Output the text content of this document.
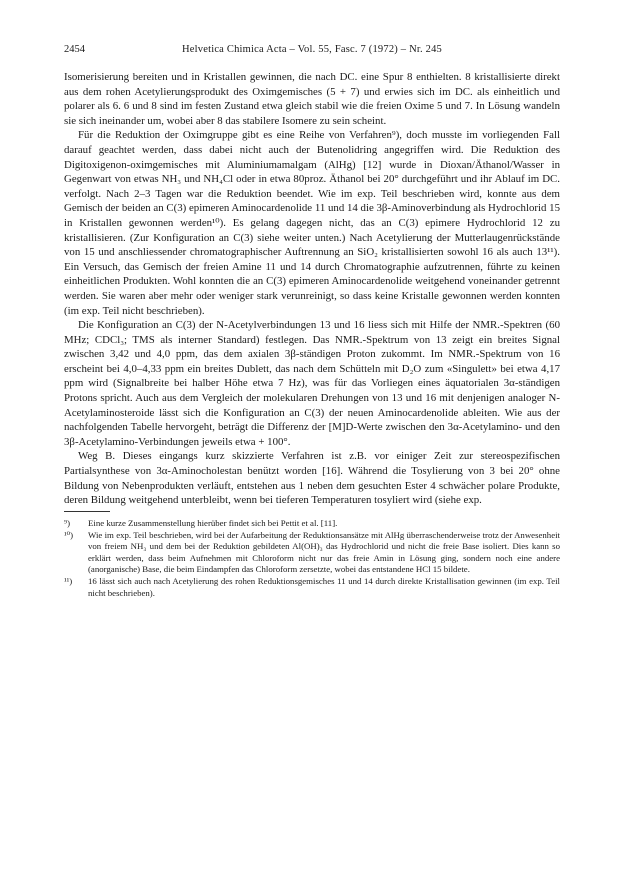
2454	Helvetica Chimica Acta – Vol. 55, Fasc. 7 (1972) – Nr. 245

Isomerisierung bereiten und in Kristallen gewinnen, die nach DC. eine Spur 8 enthielten. 8 kristallisierte direkt aus dem rohen Acetylierungsprodukt des Oximgemisches (5 + 7) und erwies sich im DC. als einheitlich und polarer als 6. 6 und 8 sind im festen Zustand etwa gleich stabil wie die freien Oxime 5 und 7. In Lösung wandeln sie sich ineinander um, wobei aber 8 das stabilere Isomere zu sein scheint.

Für die Reduktion der Oximgruppe gibt es eine Reihe von Verfahren⁹), doch musste im vorliegenden Fall darauf geachtet werden, dass dabei nicht auch der Butenolidring angegriffen wird. Die Reduktion des Digitoxigenon-oximgemisches mit Aluminiumamalgam (AlHg) [12] wurde in Dioxan/Äthanol/Wasser in Gegenwart von etwas NH₃ und NH₄Cl oder in etwa 80proz. Äthanol bei 20° durchgeführt und ihr Ablauf im DC. verfolgt. Nach 2–3 Tagen war die Reduktion beendet. Wie im exp. Teil beschrieben wird, konnte aus dem Gemisch der beiden an C(3) epimeren Aminocardenolide 11 und 14 die 3β-Aminoverbindung als Hydrochlorid 15 in Kristallen gewonnen werden¹⁰). Es gelang dagegen nicht, das an C(3) epimere Hydrochlorid 12 zu kristallisieren. (Zur Konfiguration an C(3) siehe weiter unten.) Nach Acetylierung der Mutterlaugenrückstände von 15 und anschliessender chromatographischer Auftrennung an SiO₂ kristallisierten sowohl 16 als auch 13¹¹). Ein Versuch, das Gemisch der freien Amine 11 und 14 durch Chromatographie aufzutrennen, führte zu keinen einheitlichen Produkten. Wohl konnten die an C(3) epimeren Aminocardenolide weitgehend voneinander getrennt werden. Sie waren aber mehr oder weniger stark verunreinigt, so dass keine Kristalle gewonnen werden konnten (im exp. Teil nicht beschrieben).

Die Konfiguration an C(3) der N-Acetylverbindungen 13 und 16 liess sich mit Hilfe der NMR.-Spektren (60 MHz; CDCl₃; TMS als interner Standard) festlegen. Das NMR.-Spektrum von 13 zeigt ein breites Signal zwischen 3,42 und 4,0 ppm, das dem axialen 3β-ständigen Proton zukommt. Im NMR.-Spektrum von 16 erscheint bei 4,0–4,33 ppm ein breites Dublett, das nach dem Schütteln mit D₂O zum «Singulett» bei etwa 4,17 ppm wird (Signalbreite bei halber Höhe etwa 7 Hz), was für das Vorliegen eines äquatorialen 3α-ständigen Protons spricht. Auch aus dem Vergleich der molekularen Drehungen von 13 und 16 mit denjenigen analoger N-Acetylaminosteroide lässt sich die Konfiguration an C(3) der neuen Aminocardenolide ableiten. Wie aus der nachfolgenden Tabelle hervorgeht, beträgt die Differenz der [M]D-Werte zwischen den 3α-Acetylamino- und den 3β-Acetylamino-Verbindungen jeweils etwa + 100°.

Weg B. Dieses eingangs kurz skizzierte Verfahren ist z.B. vor einiger Zeit zur stereospezifischen Partialsynthese von 3α-Aminocholestan benützt worden [16]. Während die Tosylierung von 3 bei 20° ohne Bildung von Nebenprodukten verläuft, entstehen aus 1 neben dem gesuchten Ester 4 schwächer polare Produkte, deren Bildung weitgehend unterbleibt, wenn bei tieferen Temperaturen tosyliert wird (siehe exp.

⁹) Eine kurze Zusammenstellung hierüber findet sich bei Pettit et al. [11].
¹⁰) Wie im exp. Teil beschrieben, wird bei der Aufarbeitung der Reduktionsansätze mit AlHg überraschenderweise trotz der Anwesenheit von freiem NH₃ und dem bei der Reduktion gebildeten Al(OH)₃ das Hydrochlorid und nicht die freie Base isoliert. Dies kann so erklärt werden, dass beim Aufnehmen mit Chloroform nicht nur das freie Amin in Lösung ging, sondern noch eine andere (anorganische) Base, die beim Eindampfen das Chloroform zersetzte, wobei das entstandene HCl 15 bildete.
¹¹) 16 lässt sich auch nach Acetylierung des rohen Reduktionsgemisches 11 und 14 durch direkte Kristallisation gewinnen (im exp. Teil nicht beschrieben).
